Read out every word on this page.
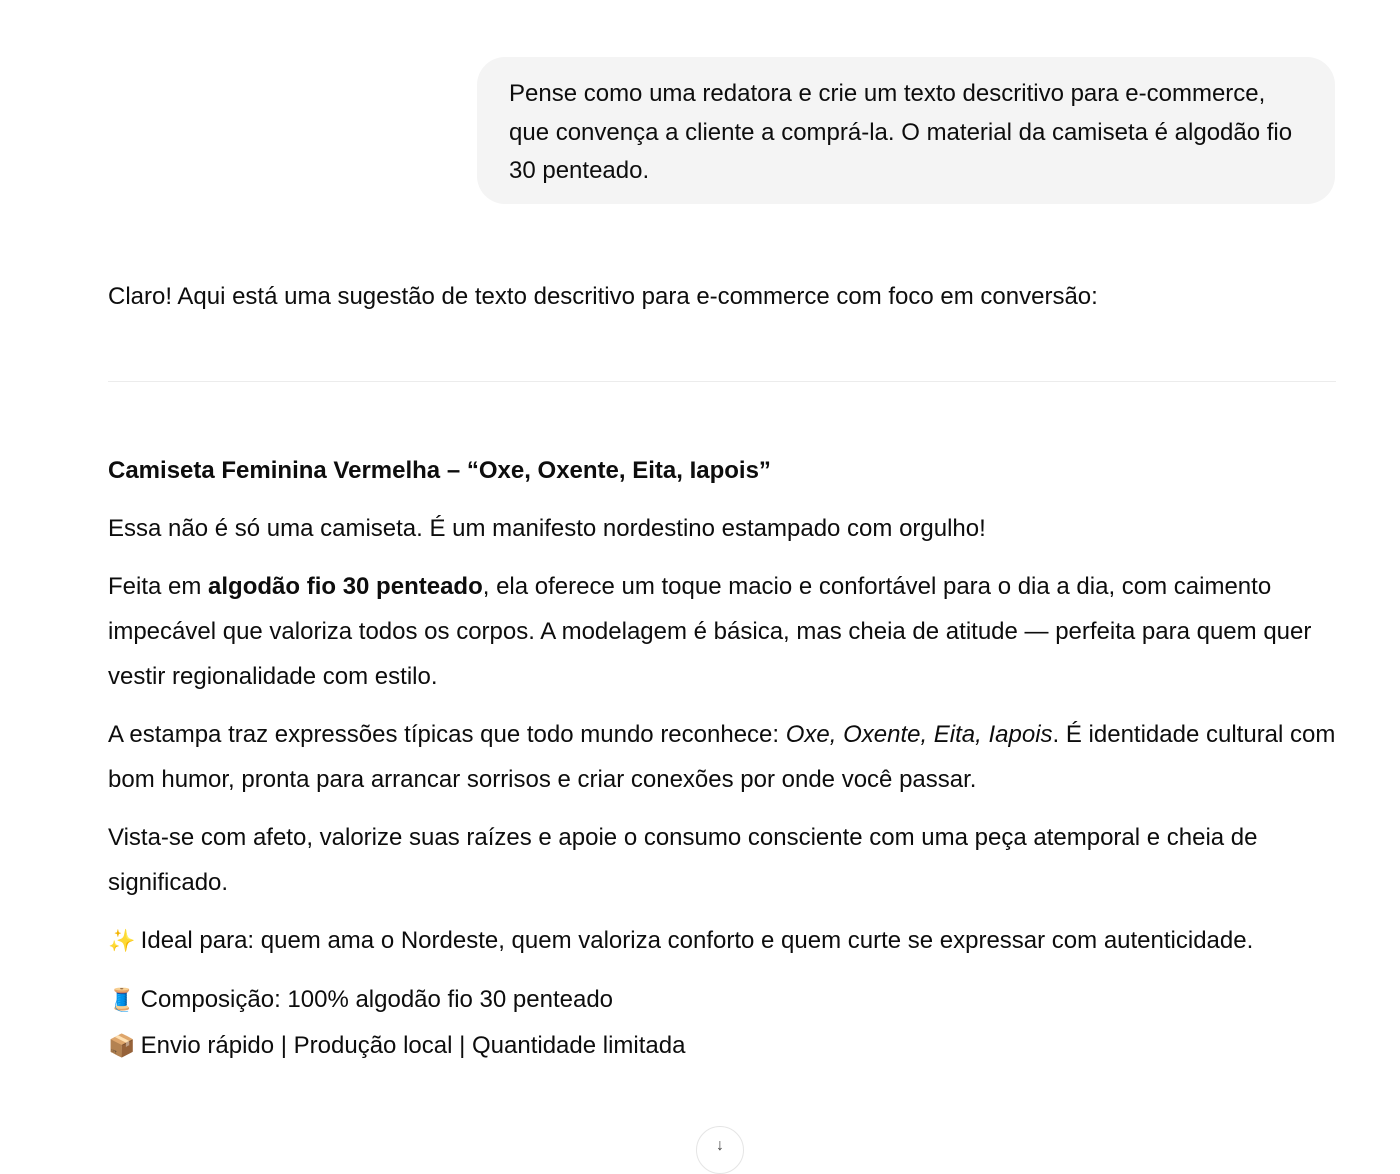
Pense como uma redatora e crie um texto descritivo para e-commerce, que convença a cliente a comprá-la. O material da camiseta é algodão fio 30 penteado.
Claro! Aqui está uma sugestão de texto descritivo para e-commerce com foco em conversão:

Camiseta Feminina Vermelha – “Oxe, Oxente, Eita, Iapois”

Essa não é só uma camiseta. É um manifesto nordestino estampado com orgulho!

Feita em algodão fio 30 penteado, ela oferece um toque macio e confortável para o dia a dia, com caimento impecável que valoriza todos os corpos. A modelagem é básica, mas cheia de atitude — perfeita para quem quer vestir regionalidade com estilo.

A estampa traz expressões típicas que todo mundo reconhece: Oxe, Oxente, Eita, Iapois. É identidade cultural com bom humor, pronta para arrancar sorrisos e criar conexões por onde você passar.

Vista-se com afeto, valorize suas raízes e apoie o consumo consciente com uma peça atemporal e cheia de significado.

✨ Ideal para: quem ama o Nordeste, quem valoriza conforto e quem curte se expressar com autenticidade.

🧵 Composição: 100% algodão fio 30 penteado

📦 Envio rápido | Produção local | Quantidade limitada

↓
